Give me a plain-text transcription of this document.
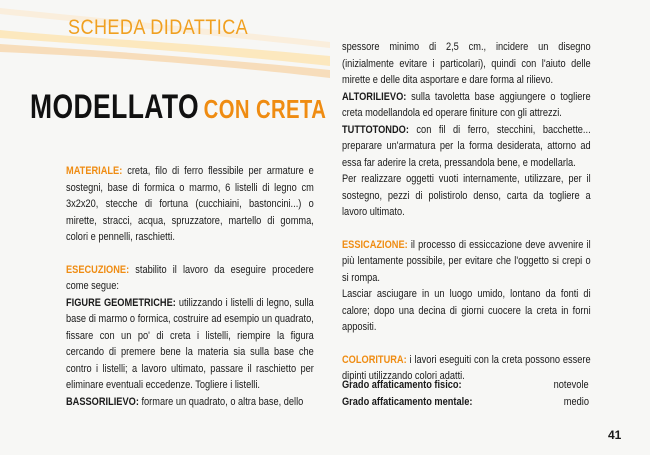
SCHEDA DIDATTICA
MODELLATO CON CRETA

MATERIALE: creta, filo di ferro flessibile per armature e sostegni, base di formica o marmo, 6 listelli di legno cm 3x2x20, stecche di fortuna (cucchiaini, bastoncini...) o mirette, stracci, acqua, spruzzatore, martello di gomma, colori e pennelli, raschietti.

ESECUZIONE: stabilito il lavoro da eseguire procedere come segue:

FIGURE GEOMETRICHE: utilizzando i listelli di legno, sulla base di marmo o formica, costruire ad esempio un quadrato, fissare con un po' di creta i listelli, riempire la figura cercando di premere bene la materia sia sulla base che contro i listelli; a lavoro ultimato, passare il raschietto per eliminare eventuali eccedenze. Togliere i listelli.

BASSORILIEVO: formare un quadrato, o altra base, dello

spessore minimo di 2,5 cm., incidere un disegno (inizialmente evitare i particolari), quindi con l'aiuto delle mirette e delle dita asportare e dare forma al rilievo.

ALTORILIEVO: sulla tavoletta base aggiungere o togliere creta modellandola ed operare finiture con gli attrezzi.

TUTTOTONDO: con fil di ferro, stecchini, bacchette... preparare un'armatura per la forma desiderata, attorno ad essa far aderire la creta, pressandola bene, e modellarla.

Per realizzare oggetti vuoti internamente, utilizzare, per il sostegno, pezzi di polistirolo denso, carta da togliere a lavoro ultimato.

ESSICAZIONE: il processo di essiccazione deve avvenire il più lentamente possibile, per evitare che l'oggetto si crepi o si rompa.

Lasciar asciugare in un luogo umido, lontano da fonti di calore; dopo una decina di giorni cuocere la creta in forni appositi.

COLORITURA: i lavori eseguiti con la creta possono essere dipinti utilizzando colori adatti.

Grado affaticamento fisico:	notevole
Grado affaticamento mentale:	medio
41
